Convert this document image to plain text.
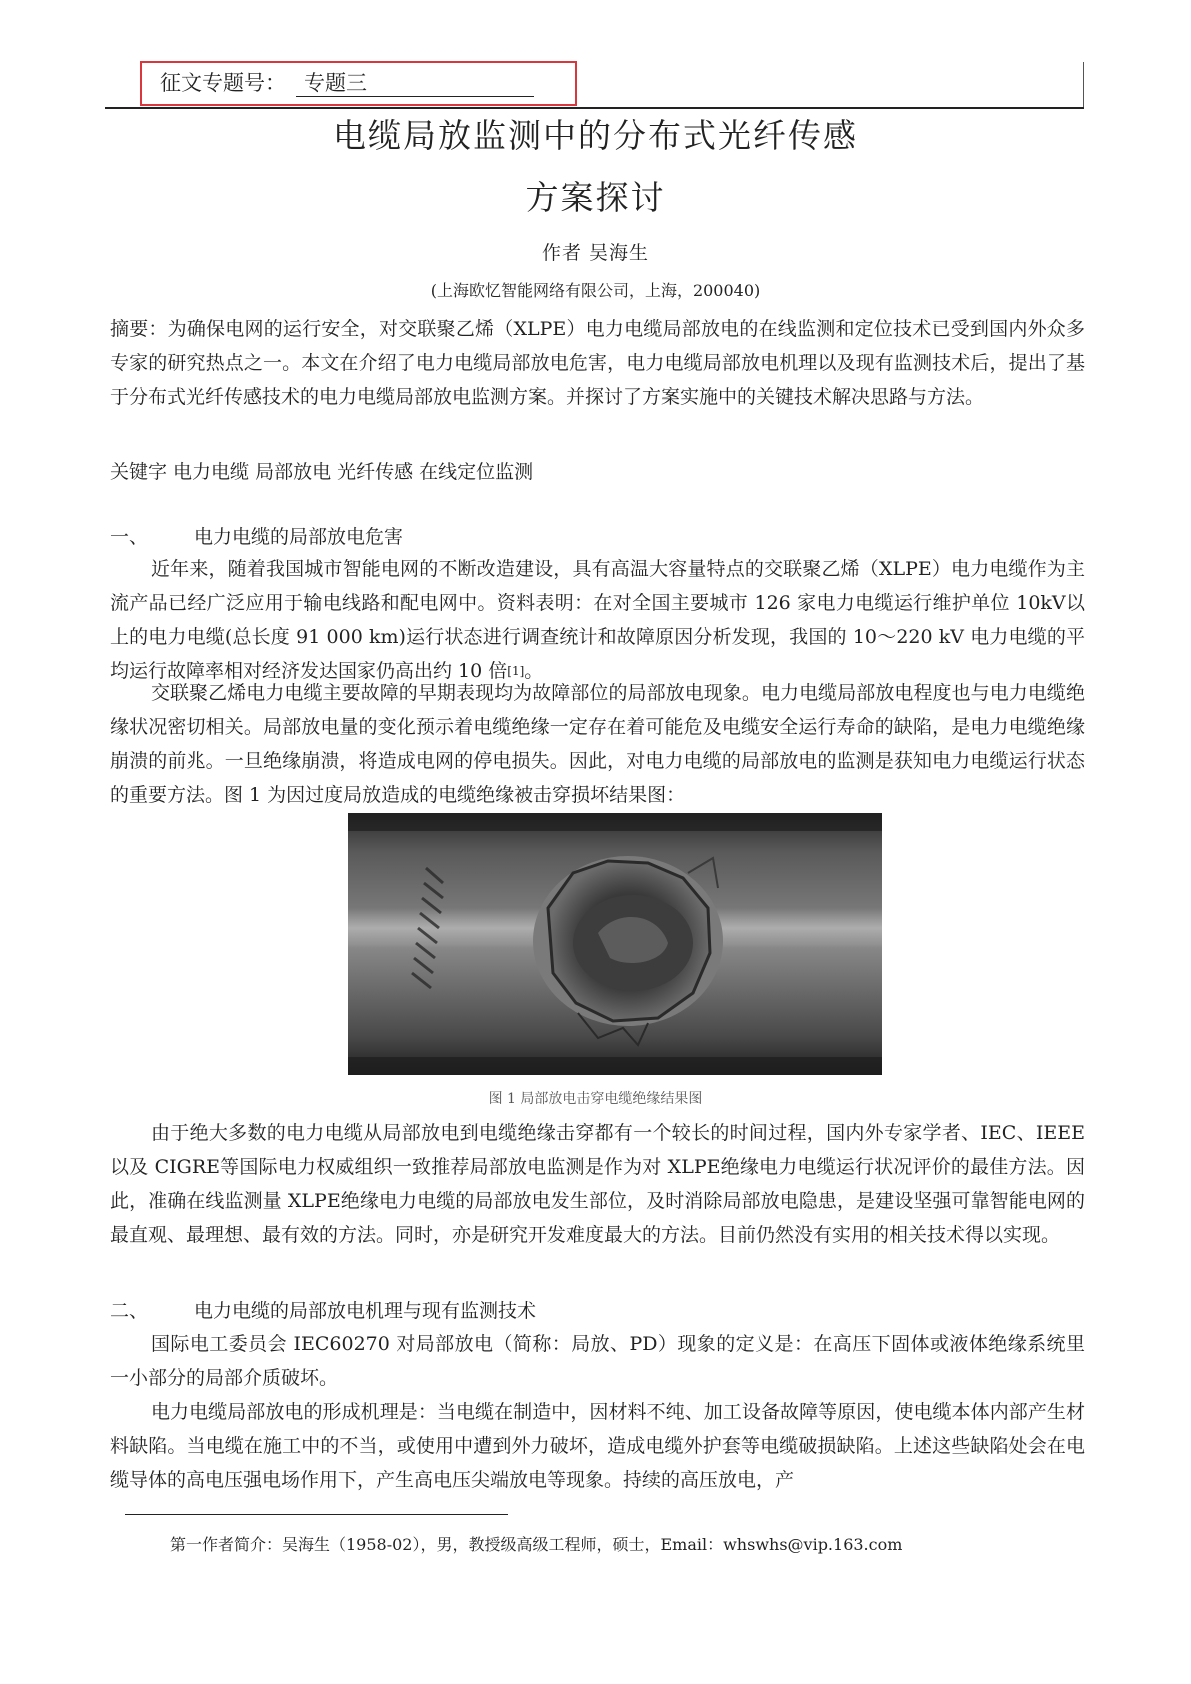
征文专题号： 专题三
电缆局放监测中的分布式光纤传感
方案探讨
作者 吴海生
(上海欧忆智能网络有限公司，上海，200040)
摘要：为确保电网的运行安全，对交联聚乙烯（XLPE）电力电缆局部放电的在线监测和定位技术已受到国内外众多专家的研究热点之一。本文在介绍了电力电缆局部放电危害，电力电缆局部放电机理以及现有监测技术后，提出了基于分布式光纤传感技术的电力电缆局部放电监测方案。并探讨了方案实施中的关键技术解决思路与方法。
关键字 电力电缆 局部放电 光纤传感 在线定位监测
一、 电力电缆的局部放电危害
近年来，随着我国城市智能电网的不断改造建设，具有高温大容量特点的交联聚乙烯（XLPE）电力电缆作为主流产品已经广泛应用于输电线路和配电网中。资料表明：在对全国主要城市 126 家电力电缆运行维护单位 10kV以上的电力电缆(总长度 91 000 km)运行状态进行调查统计和故障原因分析发现，我国的 10～220 kV 电力电缆的平均运行故障率相对经济发达国家仍高出约 10 倍[1]。
交联聚乙烯电力电缆主要故障的早期表现均为故障部位的局部放电现象。电力电缆局部放电程度也与电力电缆绝缘状况密切相关。局部放电量的变化预示着电缆绝缘一定存在着可能危及电缆安全运行寿命的缺陷，是电力电缆绝缘崩溃的前兆。一旦绝缘崩溃，将造成电网的停电损失。因此，对电力电缆的局部放电的监测是获知电力电缆运行状态的重要方法。图 1 为因过度局放造成的电缆绝缘被击穿损坏结果图：
图 1 局部放电击穿电缆绝缘结果图
由于绝大多数的电力电缆从局部放电到电缆绝缘击穿都有一个较长的时间过程，国内外专家学者、IEC、IEEE以及 CIGRE等国际电力权威组织一致推荐局部放电监测是作为对 XLPE绝缘电力电缆运行状况评价的最佳方法。因此，准确在线监测量 XLPE绝缘电力电缆的局部放电发生部位，及时消除局部放电隐患，是建设坚强可靠智能电网的最直观、最理想、最有效的方法。同时，亦是研究开发难度最大的方法。目前仍然没有实用的相关技术得以实现。
二、 电力电缆的局部放电机理与现有监测技术
国际电工委员会 IEC60270 对局部放电（简称：局放、PD）现象的定义是：在高压下固体或液体绝缘系统里一小部分的局部介质破坏。
电力电缆局部放电的形成机理是：当电缆在制造中，因材料不纯、加工设备故障等原因，使电缆本体内部产生材料缺陷。当电缆在施工中的不当，或使用中遭到外力破坏，造成电缆外护套等电缆破损缺陷。上述这些缺陷处会在电缆导体的高电压强电场作用下，产生高电压尖端放电等现象。持续的高压放电，产
第一作者简介：吴海生（1958-02），男，教授级高级工程师，硕士，Email：whswhs@vip.163.com
